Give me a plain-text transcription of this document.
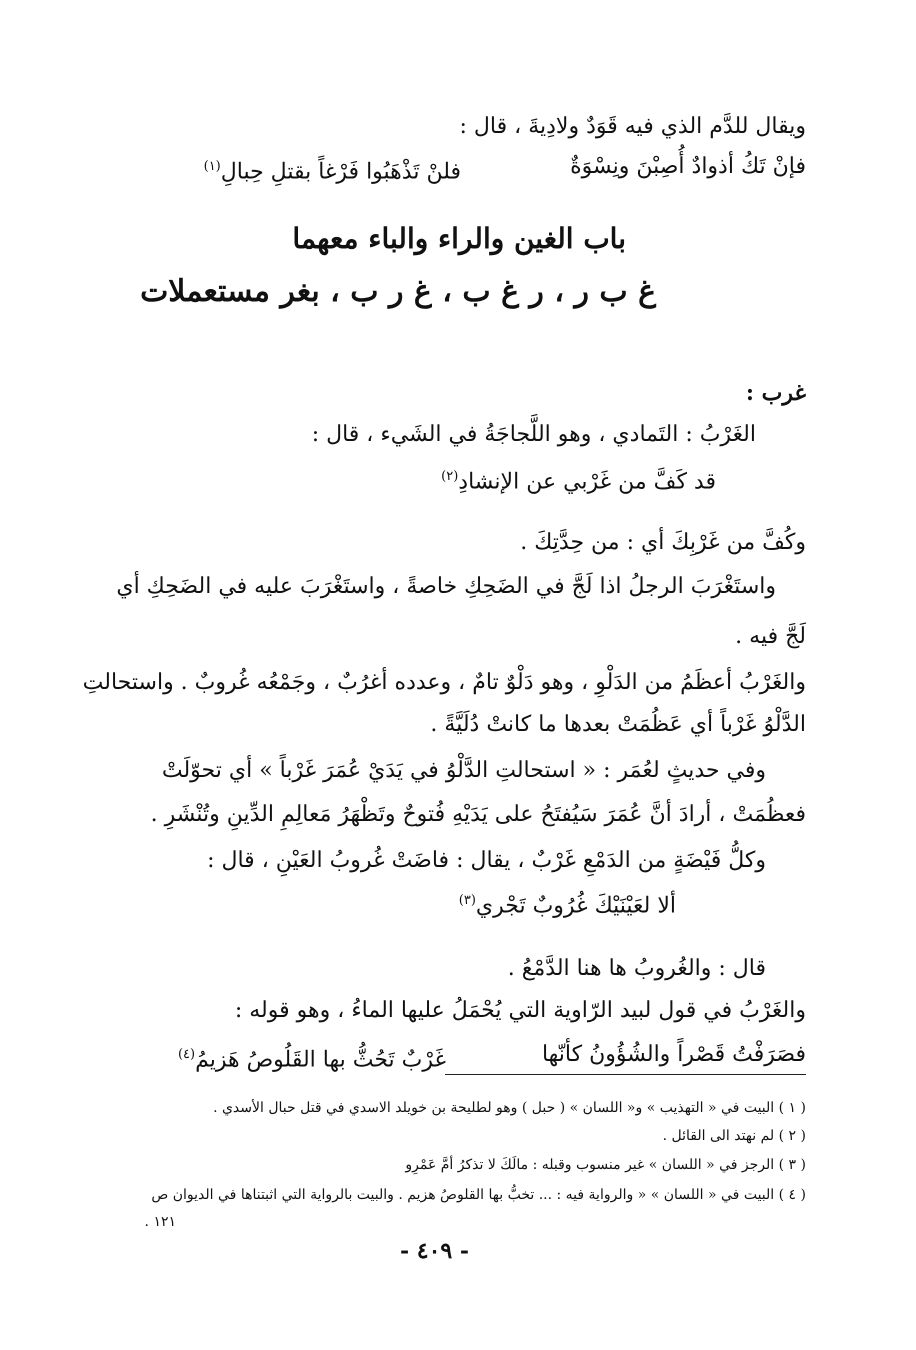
ويقال للدَّم الذي فيه قَوَدٌ ولادِيةَ ، قال :
فإنْ تَكُ أذوادٌ أُصِبْنَ ونِسْوَةٌ
فلنْ تَذْهَبُوا فَرْغاً بقتلِ حِبالِ$^{(١)}$
باب الغين والراء والباء معهما
غ ب ر ، ر غ ب ، غ ر ب ، بغر مستعملات
غرب :
الغَرْبُ : التَمادي ، وهو اللَّجاجَةُ في الشَيء ، قال :
قد كَفَّ من غَرْبي عن الإنشادِ$^{(٢)}$
وكُفَّ من غَرْبِكَ أي : من حِدَّتِكَ .
واستَغْرَبَ الرجلُ اذا لَجَّ في الضَحِكِ خاصةً ، واستَغْرَبَ عليه في الضَحِكِ أي
لَجَّ فيه .
والغَرْبُ أعظَمُ من الدَلْوِ ، وهو دَلْوٌ تامٌ ، وعدده أغرُبٌ ، وجَمْعُه غُروبٌ . واستحالتِ
الدَّلْوُ غَرْباً أي عَظُمَتْ بعدها ما كانتْ دُلَيَّةً .
وفي حديثٍ لعُمَر : « استحالتِ الدَّلْوُ في يَدَيْ عُمَرَ غَرْباً » أي تحوّلَتْ
فعظُمَتْ ، أرادَ أنَّ عُمَرَ سَيُفتَحُ على يَدَيْهِ فُتوحٌ وتَظْهَرُ مَعالِمِ الدِّينِ وتُنْشَرِ .
وكلُّ فَيْضَةٍ من الدَمْعِ غَرْبٌ ، يقال : فاضَتْ غُروبُ العَيْنِ ، قال :
ألا لعَيْنَيْكَ غُرُوبٌ تَجْري$^{(٣)}$
قال : والغُروبُ ها هنا الدَّمْعُ .
والغَرْبُ في قول لبيد الرّاوية التي يُحْمَلُ عليها الماءُ ، وهو قوله :
فصَرَفْتُ قَصْراً والشُؤُونُ كأنّها
غَرْبٌ تَحُثُّ بها القَلُوصُ هَزيمُ$^{(٤)}$
( ١ ) البيت في « التهذيب » و« اللسان » ( حبل ) وهو لطليحة بن خويلد الاسدي في قتل حبال الأسدي .
( ٢ ) لم نهتد الى القائل .
( ٣ ) الرجز في « اللسان » غير منسوب وقبله : مالَكَ لا تذكرُ أمَّ عَمْرِو
( ٤ ) البيت في « اللسان » « والرواية فيه : ... تخبُّ بها القلوصُ هزيم . والبيت بالرواية التي اثبتناها في الديوان ص
١٢١ .
- ٤٠٩ -
